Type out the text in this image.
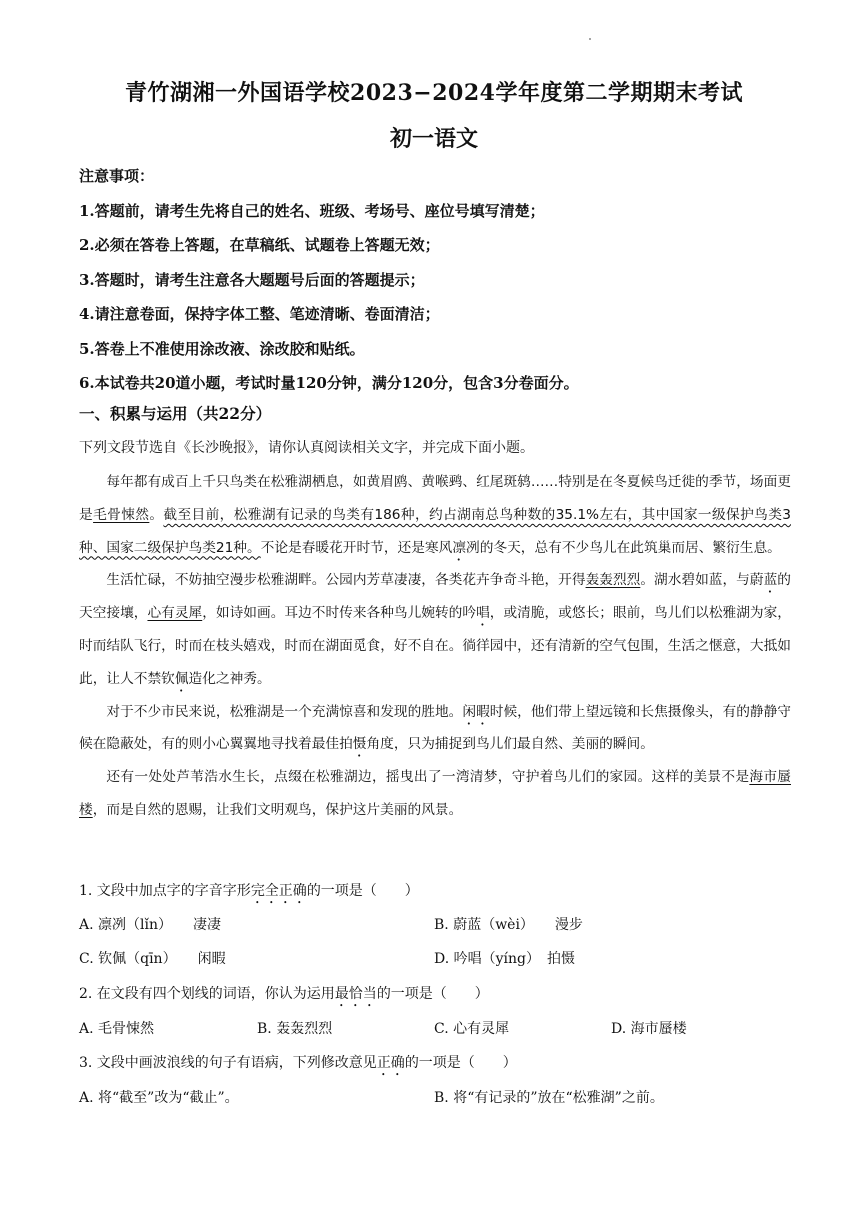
青竹湖湘一外国语学校2023−2024学年度第二学期期末考试
初一语文
注意事项：
1.答题前，请考生先将自己的姓名、班级、考场号、座位号填写清楚；
2.必须在答卷上答题，在草稿纸、试题卷上答题无效；
3.答题时，请考生注意各大题题号后面的答题提示；
4.请注意卷面，保持字体工整、笔迹清晰、卷面清洁；
5.答卷上不准使用涂改液、涂改胶和贴纸。
6.本试卷共20道小题，考试时量120分钟，满分120分，包含3分卷面分。
一、积累与运用（共22分）
下列文段节选自《长沙晚报》，请你认真阅读相关文字，并完成下面小题。

每年都有成百上千只鸟类在松雅湖栖息，如黄眉鸥、黄喉鹀、红尾斑鸫……特别是在冬夏候鸟迁徙的季节，场面更是毛骨悚然。截至目前，松雅湖有记录的鸟类有186种，约占湖南总鸟种数的35.1%左右，其中国家一级保护鸟类3种、国家二级保护鸟类21种。不论是春暖花开时节，还是寒风凛冽的冬天，总有不少鸟儿在此筑巢而居、繁衍生息。

生活忙碌，不妨抽空漫步松雅湖畔。公园内芳草凄凄，各类花卉争奇斗艳，开得轰轰烈烈。湖水碧如蓝，与蔚蓝的天空接壤，心有灵犀，如诗如画。耳边不时传来各种鸟儿婉转的吟唱，或清脆，或悠长；眼前，鸟儿们以松雅湖为家，时而结队飞行，时而在枝头嬉戏，时而在湖面觅食，好不自在。徜徉园中，还有清新的空气包围，生活之惬意，大抵如此，让人不禁钦佩造化之神秀。

对于不少市民来说，松雅湖是一个充满惊喜和发现的胜地。闲暇时候，他们带上望远镜和长焦摄像头，有的静静守候在隐蔽处，有的则小心翼翼地寻找着最佳拍慑角度，只为捕捉到鸟儿们最自然、美丽的瞬间。

还有一处处芦苇浩水生长，点缀在松雅湖边，摇曳出了一湾清梦，守护着鸟儿们的家园。这样的美景不是海市蜃楼，而是自然的恩赐，让我们文明观鸟，保护这片美丽的风景。

1. 文段中加点字的字音字形完全正确的一项是（　　）
A. 凛冽（lǐn）　　凄凄	B. 蔚蓝（wèi）　　漫步
C. 钦佩（qīn）　　闲暇	D. 吟唱（yíng）　拍慑
2. 在文段有四个划线的词语，你认为运用最恰当的一项是（　　）
A. 毛骨悚然	B. 轰轰烈烈	C. 心有灵犀	D. 海市蜃楼
3. 文段中画波浪线的句子有语病，下列修改意见正确的一项是（　　）
A. 将“截至”改为“截止”。	B. 将“有记录的”放在“松雅湖”之前。
